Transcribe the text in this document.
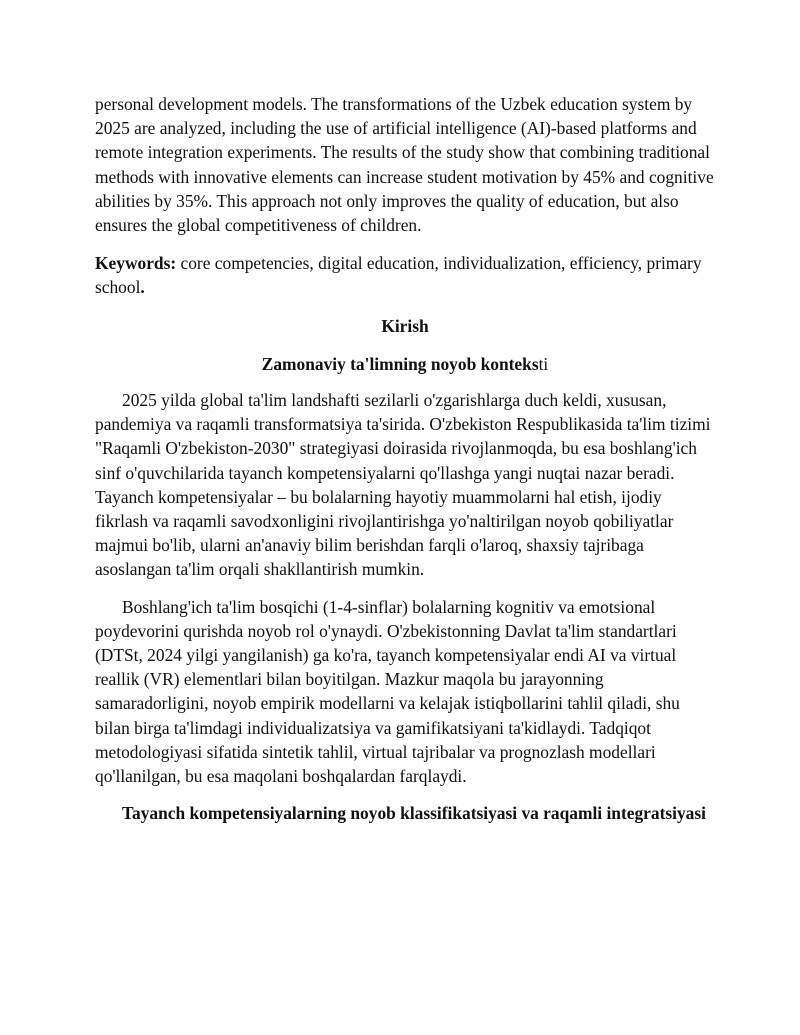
personal development models. The transformations of the Uzbek education system by 2025 are analyzed, including the use of artificial intelligence (AI)-based platforms and remote integration experiments. The results of the study show that combining traditional methods with innovative elements can increase student motivation by 45% and cognitive abilities by 35%. This approach not only improves the quality of education, but also ensures the global competitiveness of children.

Keywords: core competencies, digital education, individualization, efficiency, primary school.

Kirish

Zamonaviy ta'limning noyob konteksti

2025 yilda global ta'lim landshafti sezilarli o'zgarishlarga duch keldi, xususan, pandemiya va raqamli transformatsiya ta'sirida. O'zbekiston Respublikasida ta'lim tizimi "Raqamli O'zbekiston-2030" strategiyasi doirasida rivojlanmoqda, bu esa boshlang'ich sinf o'quvchilarida tayanch kompetensiyalarni qo'llashga yangi nuqtai nazar beradi. Tayanch kompetensiyalar – bu bolalarning hayotiy muammolarni hal etish, ijodiy fikrlash va raqamli savodxonligini rivojlantirishga yo'naltirilgan noyob qobiliyatlar majmui bo'lib, ularni an'anaviy bilim berishdan farqli o'laroq, shaxsiy tajribaga asoslangan ta'lim orqali shakllantirish mumkin.

Boshlang'ich ta'lim bosqichi (1-4-sinflar) bolalarning kognitiv va emotsional poydevorini qurishda noyob rol o'ynaydi. O'zbekistonning Davlat ta'lim standartlari (DTSt, 2024 yilgi yangilanish) ga ko'ra, tayanch kompetensiyalar endi AI va virtual reallik (VR) elementlari bilan boyitilgan. Mazkur maqola bu jarayonning samaradorligini, noyob empirik modellarni va kelajak istiqbollarini tahlil qiladi, shu bilan birga ta'limdagi individualizatsiya va gamifikatsiyani ta'kidlaydi. Tadqiqot metodologiyasi sifatida sintetik tahlil, virtual tajribalar va prognozlash modellari qo'llanilgan, bu esa maqolani boshqalardan farqlaydi.

Tayanch kompetensiyalarning noyob klassifikatsiyasi va raqamli integratsiyasi
